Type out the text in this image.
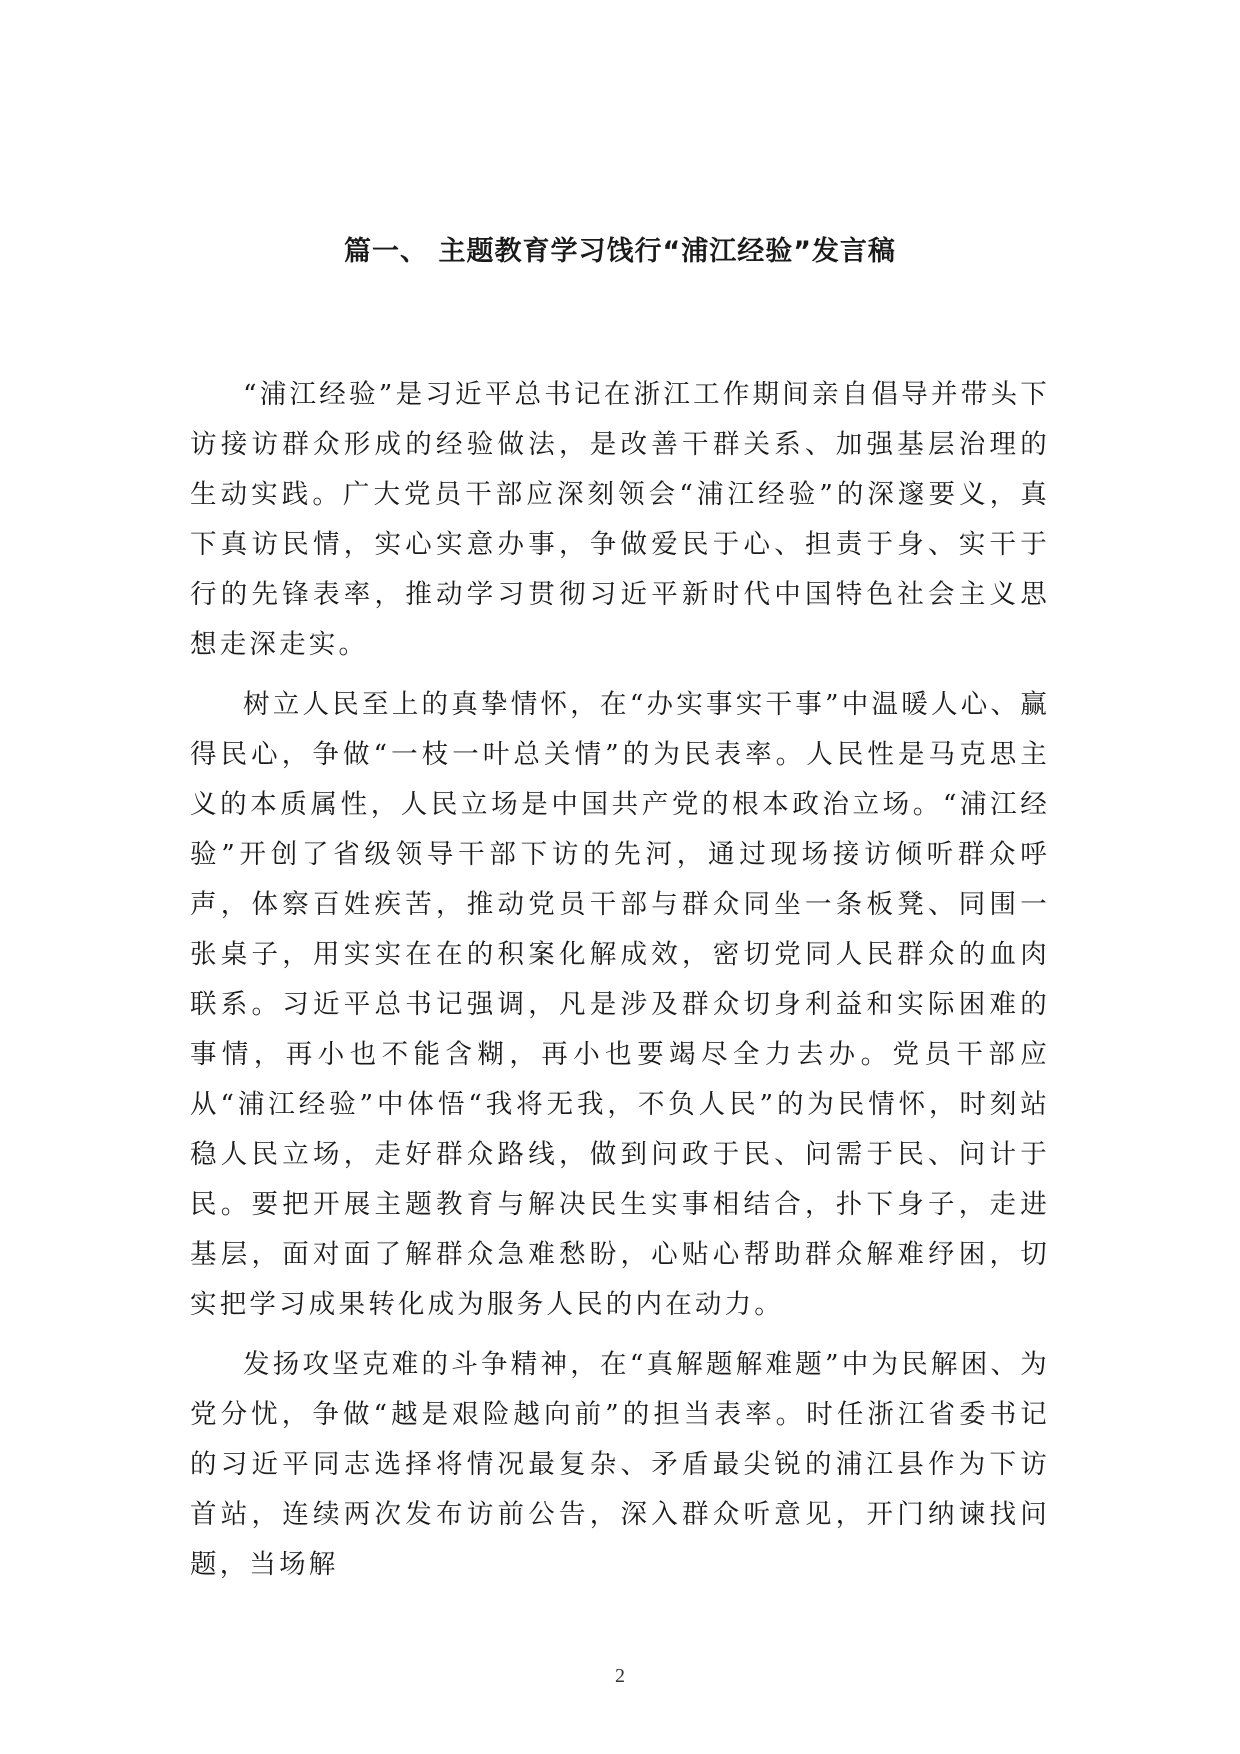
篇一、 主题教育学习饯行“浦江经验”发言稿

“浦江经验”是习近平总书记在浙江工作期间亲自倡导并带头下访接访群众形成的经验做法，是改善干群关系、加强基层治理的生动实践。广大党员干部应深刻领会“浦江经验”的深邃要义，真下真访民情，实心实意办事，争做爱民于心、担责于身、实干于行的先锋表率，推动学习贯彻习近平新时代中国特色社会主义思想走深走实。

树立人民至上的真挚情怀，在“办实事实干事”中温暖人心、赢得民心，争做“一枝一叶总关情”的为民表率。人民性是马克思主义的本质属性，人民立场是中国共产党的根本政治立场。“浦江经验”开创了省级领导干部下访的先河，通过现场接访倾听群众呼声，体察百姓疾苦，推动党员干部与群众同坐一条板凳、同围一张桌子，用实实在在的积案化解成效，密切党同人民群众的血肉联系。习近平总书记强调，凡是涉及群众切身利益和实际困难的事情，再小也不能含糊，再小也要竭尽全力去办。党员干部应从“浦江经验”中体悟“我将无我，不负人民”的为民情怀，时刻站稳人民立场，走好群众路线，做到问政于民、问需于民、问计于民。要把开展主题教育与解决民生实事相结合，扑下身子，走进基层，面对面了解群众急难愁盼，心贴心帮助群众解难纾困，切实把学习成果转化成为服务人民的内在动力。

发扬攻坚克难的斗争精神，在“真解题解难题”中为民解困、为党分忧，争做“越是艰险越向前”的担当表率。时任浙江省委书记的习近平同志选择将情况最复杂、矛盾最尖锐的浦江县作为下访首站，连续两次发布访前公告，深入群众听意见，开门纳谏找问题，当场解

2
